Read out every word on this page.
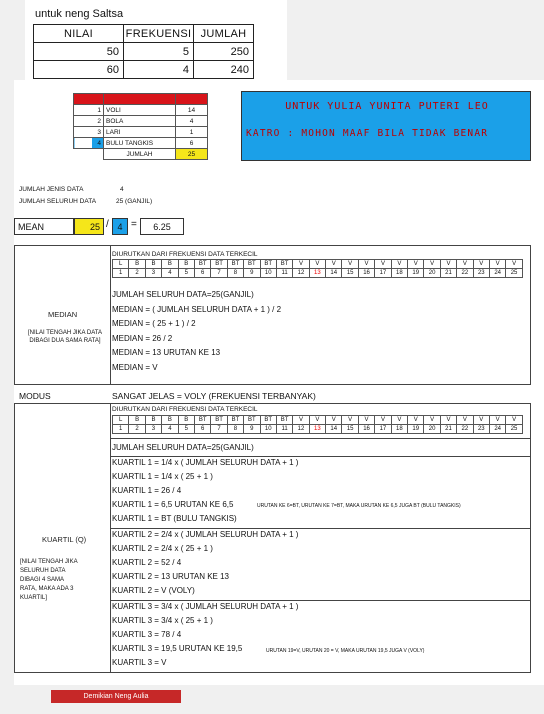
untuk neng Saltsa
NILAI	FREKUENSI	JUMLAH
50	5	250
60	4	240
NO	NAMA	FREK
1	VOLI	14
2	BOLA	4
3	LARI	1
4	BULU TANGKIS	6
	JUMLAH	25
UNTUK YULIA YUNITA PUTERI LEO
KATRO : MOHON MAAF BILA TIDAK BENAR
JUMLAH JENIS DATA	4
JUMLAH SELURUH DATA	25 (GANJIL)
MEAN	25 / 4 =	6.25
DIURUTKAN DARI FREKUENSI DATA TERKECIL
L	B	B	B	B	BT	BT	BT	BT	BT	BT	V	V	V	V	V	V	V	V	V	V	V	V	V	V
1	2	3	4	5	6	7	8	9	10	11	12	13	14	15	16	17	18	19	20	21	22	23	24	25
MEDIAN
[NILAI TENGAH JIKA DATA DIBAGI DUA SAMA RATA]
JUMLAH SELURUH DATA=25(GANJIL)
MEDIAN = ( JUMLAH SELURUH DATA + 1 ) / 2
MEDIAN = ( 25 + 1 ) / 2
MEDIAN = 26 / 2
MEDIAN = 13 URUTAN KE 13
MEDIAN = V
MODUS	SANGAT JELAS = VOLY (FREKUENSI TERBANYAK)
DIURUTKAN DARI FREKUENSI DATA TERKECIL
L	B	B	B	B	BT	BT	BT	BT	BT	BT	V	V	V	V	V	V	V	V	V	V	V	V	V	V
1	2	3	4	5	6	7	8	9	10	11	12	13	14	15	16	17	18	19	20	21	22	23	24	25
JUMLAH SELURUH DATA=25(GANJIL)
KUARTIL 1 = 1/4 x ( JUMLAH SELURUH DATA + 1 )
KUARTIL 1 = 1/4 x ( 25 + 1 )
KUARTIL 1 = 26 / 4
KUARTIL 1 = 6,5 URUTAN KE 6,5
KUARTIL 1 = BT (BULU TANGKIS)
URUTAN KE 6=BT, URUTAN KE 7=BT, MAKA URUTAN KE 6,5 JUGA BT (BULU TANGKIS)
KUARTIL 2 = 2/4 x ( JUMLAH SELURUH DATA + 1 )
KUARTIL 2 = 2/4 x ( 25 + 1 )
KUARTIL 2 = 52 / 4
KUARTIL 2 = 13 URUTAN KE 13
KUARTIL 2 = V (VOLY)
KUARTIL 3 = 3/4 x ( JUMLAH SELURUH DATA + 1 )
KUARTIL 3 = 3/4 x ( 25 + 1 )
KUARTIL 3 = 78 / 4
KUARTIL 3 = 19,5 URUTAN KE 19,5
KUARTIL 3 = V
URUTAN 19=V, URUTAN 20 = V, MAKA URUTAN 19,5 JUGA V (VOLY)
KUARTIL (Q)
[NILAI TENGAH JIKA SELURUH DATA DIBAGI 4 SAMA RATA, MAKA ADA 3 KUARTIL]
Demikian Neng Aulia
